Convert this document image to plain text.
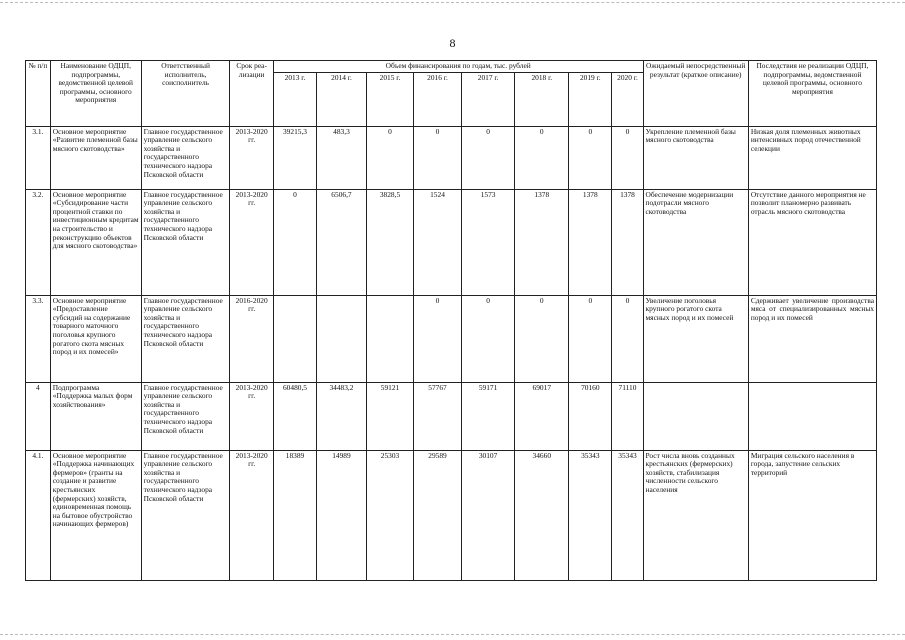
8
№ п/п	Наименование ОДЦП, подпрограммы, ведомственной целевой программы, основного мероприятия	Ответственный исполнитель, соисполнитель	Срок реа-лизации	Объем финансирования по годам, тыс. рублей								Ожидаемый непосредственный результат (краткое описание)	Последствия не реализации ОДЦП, подпрограммы, ведомственной целевой программы, основного мероприятия
				2013 г.	2014 г.	2015 г.	2016 г.	2017 г.	2018 г.	2019 г.	2020 г.		
3.1.	Основное мероприятие «Развитие племенной базы мясного скотоводства»	Главное государственное управление сельского хозяйства и государственного технического надзора Псковской области	2013-2020 гг.	39215,3	483,3	0	0	0	0	0	0	Укрепление племенной базы мясного скотоводства	Низкая доля племенных животных интенсивных пород отечественной селекции
3.2.	Основное мероприятие «Субсидирование части процентной ставки по инвестиционным кредитам на строительство и реконструкцию объектов для мясного скотоводства»	Главное государственное управление сельского хозяйства и государственного технического надзора Псковской области	2013-2020 гг.	0	6506,7	3828,5	1524	1573	1378	1378	1378	Обеспечение модернизации подотрасли мясного скотоводства	Отсутствие данного мероприятия не позволит планомерно развивать отрасль мясного скотоводства
3.3.	Основное мероприятие «Предоставление субсидий на содержание товарного маточного поголовья крупного рогатого скота мясных пород и их помесей»	Главное государственное управление сельского хозяйства и государственного технического надзора Псковской области	2016-2020 гг.				0	0	0	0	0	Увеличение поголовья крупного рогатого скота мясных пород и их помесей	Сдерживает увеличение производства мяса от специализированных мясных пород и их помесей
4	Подпрограмма «Поддержка малых форм хозяйствования»	Главное государственное управление сельского хозяйства и государственного технического надзора Псковской области	2013-2020 гг.	60480,5	34483,2	59121	57767	59171	69017	70160	71110		
4.1.	Основное мероприятие «Поддержка начинающих фермеров» (гранты на создание и развитие крестьянских (фермерских) хозяйств, единовременная помощь на бытовое обустройство начинающих фермеров)	Главное государственное управление сельского хозяйства и государственного технического надзора Псковской области	2013-2020 гг.	18389	14989	25303	29589	30107	34660	35343	35343	Рост числа вновь созданных крестьянских (фермерских) хозяйств, стабилизация численности сельского населения	Миграция сельского населения в города, запустение сельских территорий
